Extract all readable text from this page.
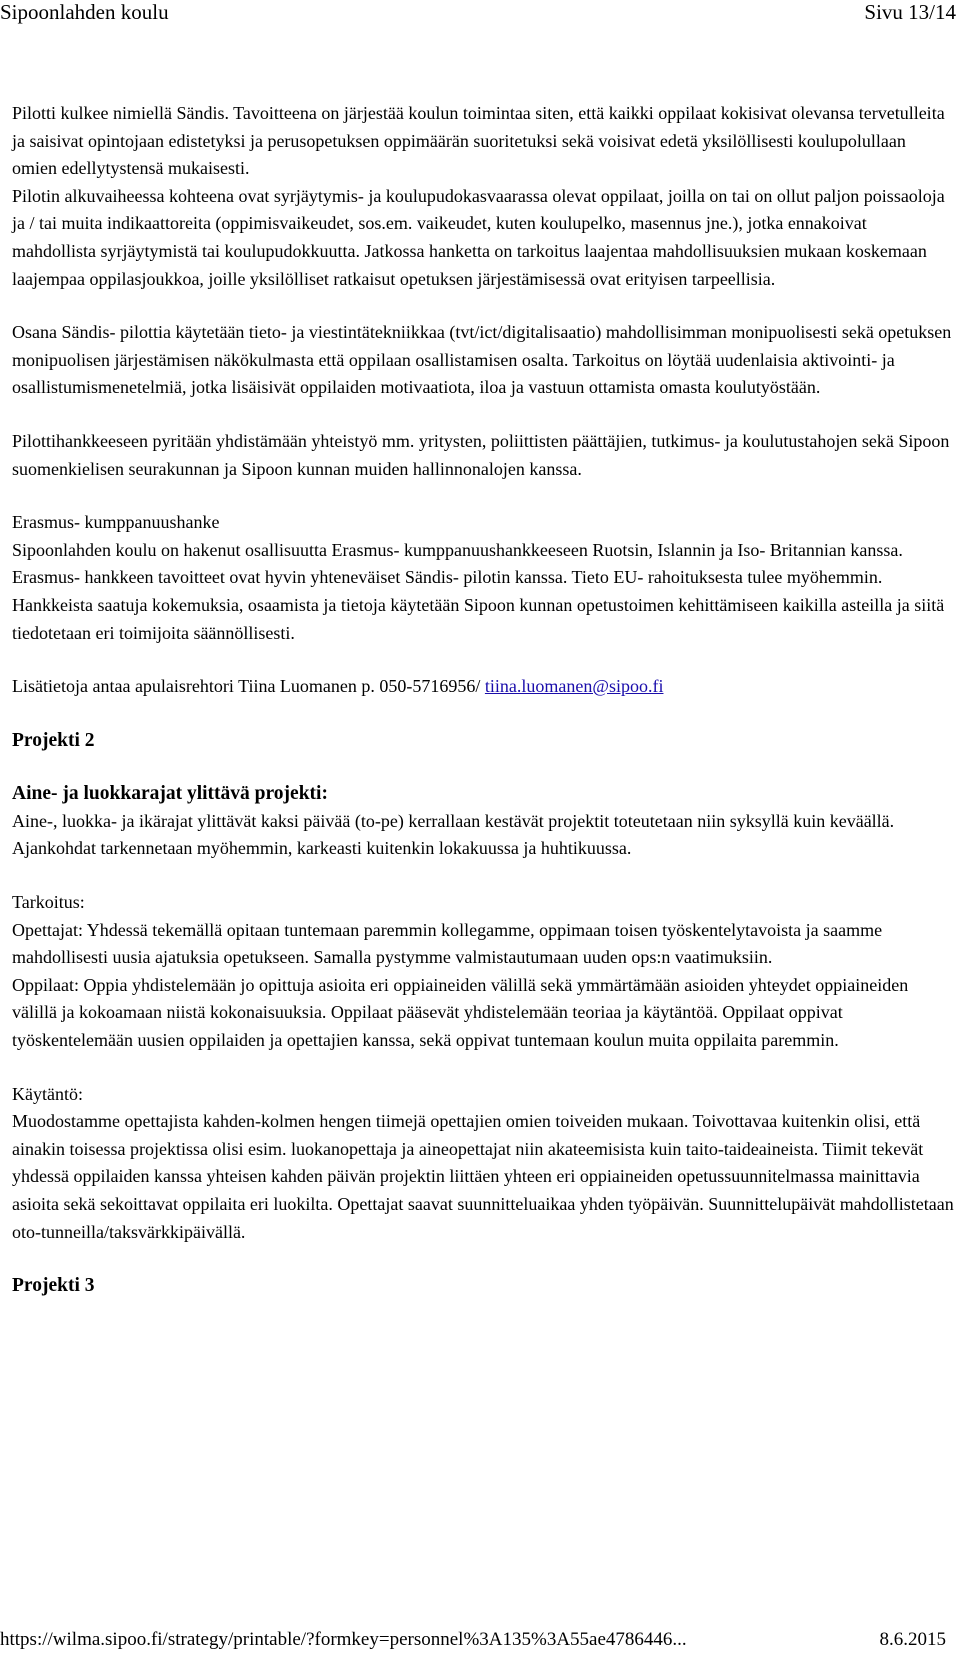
Sipoonlahden koulu	Sivu 13/14

Pilotti kulkee nimiellä Sändis. Tavoitteena on järjestää koulun toimintaa siten, että kaikki oppilaat kokisivat olevansa tervetulleita ja saisivat opintojaan edistetyksi ja perusopetuksen oppimäärän suoritetuksi sekä voisivat edetä yksilöllisesti koulupolullaan omien edellytystensä mukaisesti.
Pilotin alkuvaiheessa kohteena ovat syrjäytymis- ja koulupudokasvaarassa olevat oppilaat, joilla on tai on ollut paljon poissaoloja ja / tai muita indikaattoreita (oppimisvaikeudet, sos.em. vaikeudet, kuten koulupelko, masennus jne.), jotka ennakoivat mahdollista syrjäytymistä tai koulupudokkuutta. Jatkossa hanketta on tarkoitus laajentaa mahdollisuuksien mukaan koskemaan laajempaa oppilasjoukkoa, joille yksilölliset ratkaisut opetuksen järjestämisessä ovat erityisen tarpeellisia.

Osana Sändis- pilottia käytetään tieto- ja viestintätekniikkaa (tvt/ict/digitalisaatio) mahdollisimman monipuolisesti sekä opetuksen monipuolisen järjestämisen näkökulmasta että oppilaan osallistamisen osalta. Tarkoitus on löytää uudenlaisia aktivointi- ja osallistumismenetelmiä, jotka lisäisivät oppilaiden motivaatiota, iloa ja vastuun ottamista omasta koulutyöstään.

Pilottihankkeeseen pyritään yhdistämään yhteistyö mm. yritysten, poliittisten päättäjien, tutkimus- ja koulutustahojen sekä Sipoon suomenkielisen seurakunnan ja Sipoon kunnan muiden hallinnonalojen kanssa.

Erasmus- kumppanuushanke
Sipoonlahden koulu on hakenut osallisuutta Erasmus- kumppanuushankkeeseen Ruotsin, Islannin ja Iso- Britannian kanssa. Erasmus- hankkeen tavoitteet ovat hyvin yhteneväiset Sändis- pilotin kanssa. Tieto EU- rahoituksesta tulee myöhemmin.
Hankkeista saatuja kokemuksia, osaamista ja tietoja käytetään Sipoon kunnan opetustoimen kehittämiseen kaikilla asteilla ja siitä tiedotetaan eri toimijoita säännöllisesti.

Lisätietoja antaa apulaisrehtori Tiina Luomanen p. 050-5716956/ tiina.luomanen@sipoo.fi

Projekti 2

Aine- ja luokkarajat ylittävä projekti:
Aine-, luokka- ja ikärajat ylittävät kaksi päivää (to-pe) kerrallaan kestävät projektit toteutetaan niin syksyllä kuin keväällä. Ajankohdat tarkennetaan myöhemmin, karkeasti kuitenkin lokakuussa ja huhtikuussa.

Tarkoitus:
Opettajat: Yhdessä tekemällä opitaan tuntemaan paremmin kollegamme, oppimaan toisen työskentelytavoista ja saamme mahdollisesti uusia ajatuksia opetukseen. Samalla pystymme valmistautumaan uuden ops:n vaatimuksiin.
Oppilaat: Oppia yhdistelemään jo opittuja asioita eri oppiaineiden välillä sekä ymmärtämään asioiden yhteydet oppiaineiden välillä ja kokoamaan niistä kokonaisuuksia. Oppilaat pääsevät yhdistelemään teoriaa ja käytäntöä. Oppilaat oppivat työskentelemään uusien oppilaiden ja opettajien kanssa, sekä oppivat tuntemaan koulun muita oppilaita paremmin.

Käytäntö:
Muodostamme opettajista kahden-kolmen hengen tiimejä opettajien omien toiveiden mukaan. Toivottavaa kuitenkin olisi, että ainakin toisessa projektissa olisi esim. luokanopettaja ja aineopettajat niin akateemisista kuin taito-taideaineista. Tiimit tekevät yhdessä oppilaiden kanssa yhteisen kahden päivän projektin liittäen yhteen eri oppiaineiden opetussuunnitelmassa mainittavia asioita sekä sekoittavat oppilaita eri luokilta. Opettajat saavat suunnitteluaikaa yhden työpäivän. Suunnittelupäivät mahdollistetaan oto-tunneilla/taksvärkkipäivällä.

Projekti 3

https://wilma.sipoo.fi/strategy/printable/?formkey=personnel%3A135%3A55ae4786446...	8.6.2015
